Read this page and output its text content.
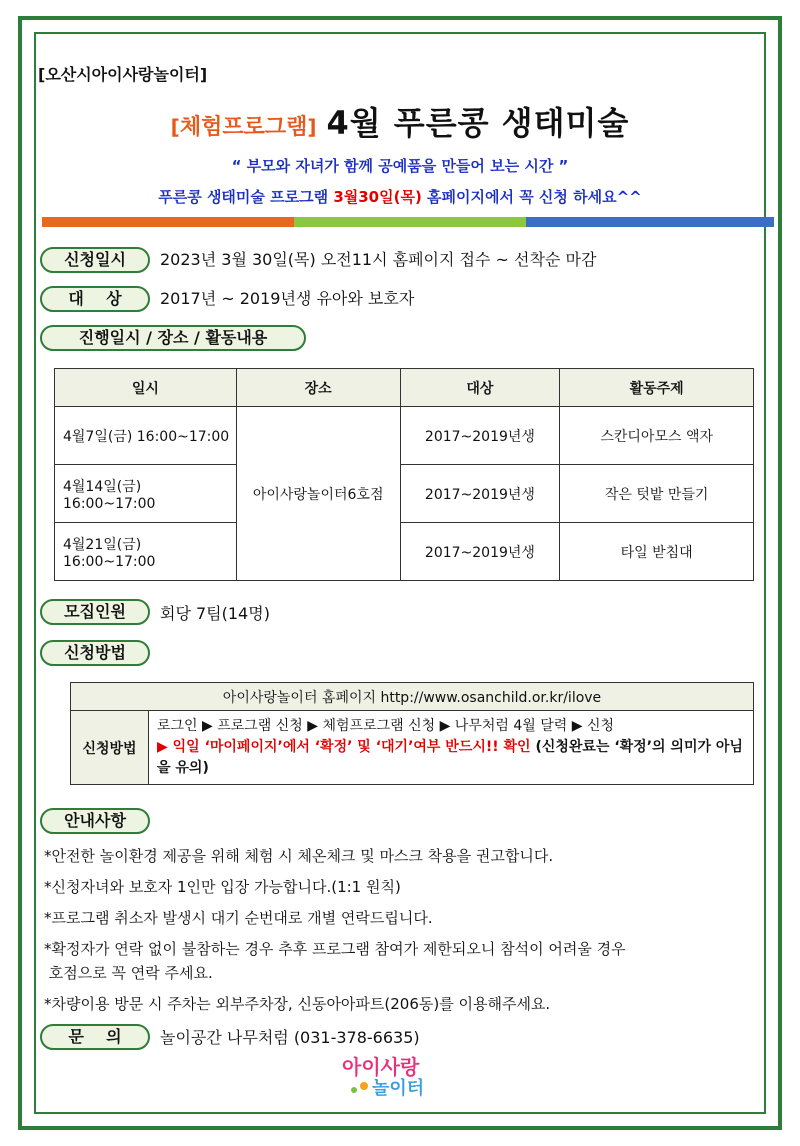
[오산시아이사랑놀이터]
[체험프로그램] 4월 푸른콩 생태미술
“ 부모와 자녀가 함께 공예품을 만들어 보는 시간 ”
푸른콩 생태미술 프로그램 3월30일(목) 홈페이지에서 꼭 신청 하세요^^
신청일시	2023년 3월 30일(목) 오전11시 홈페이지 접수 ~ 선착순 마감
대    상	2017년 ~ 2019년생 유아와 보호자
진행일시 / 장소 / 활동내용
일시	장소	대상	활동주제
4월7일(금) 16:00~17:00	아이사랑놀이터6호점	2017~2019년생	스칸디아모스 액자
4월14일(금) 16:00~17:00		2017~2019년생	작은 텃밭 만들기
4월21일(금) 16:00~17:00		2017~2019년생	타일 받침대
모집인원	회당 7팀(14명)
신청방법
아이사랑놀이터 홈페이지 http://www.osanchild.or.kr/ilove
신청방법	로그인 ▶ 프로그램 신청 ▶ 체험프로그램 신청 ▶ 나무처럼 4월 달력 ▶ 신청
▶ 익일 ‘마이페이지’에서 ‘확정’ 및 ‘대기’여부 반드시!! 확인 (신청완료는 ‘확정’의 의미가 아님을 유의)
안내사항
*안전한 놀이환경 제공을 위해 체험 시 체온체크 및 마스크 착용을 권고합니다.
*신청자녀와 보호자 1인만 입장 가능합니다.(1:1 원칙)
*프로그램 취소자 발생시 대기 순번대로 개별 연락드립니다.
*확정자가 연락 없이 불참하는 경우 추후 프로그램 참여가 제한되오니 참석이 어려울 경우
호점으로 꼭 연락 주세요.
*차량이용 방문 시 주차는 외부주차장, 신동아아파트(206동)를 이용해주세요.
문    의	놀이공간 나무처럼 (031-378-6635)
아이사랑
놀이터
